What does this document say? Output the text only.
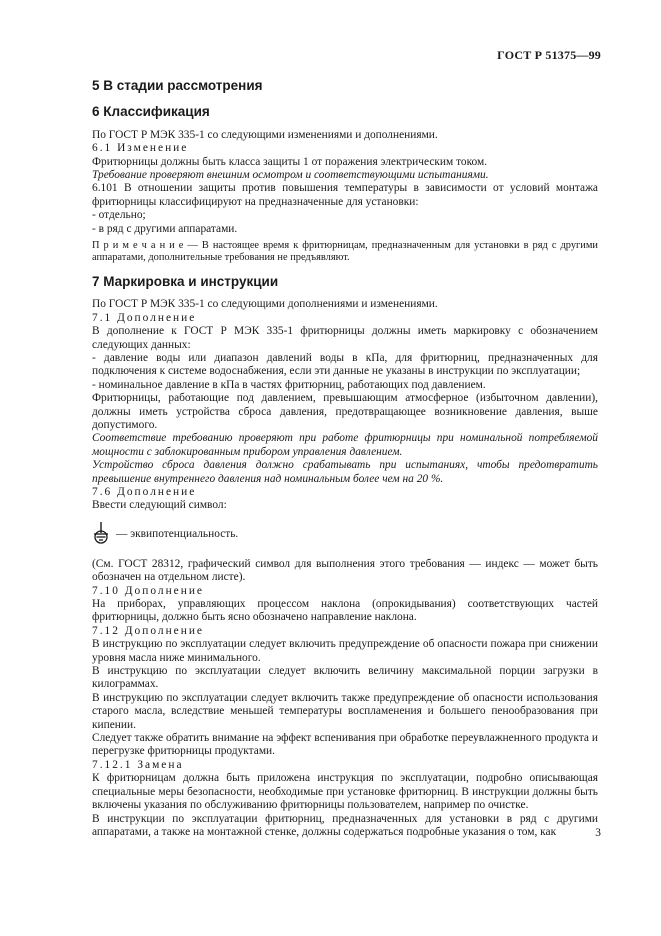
ГОСТ Р 51375—99
5 В стадии рассмотрения
6 Классификация

По ГОСТ Р МЭК 335-1 со следующими изменениями и дополнениями.

6.1 Изменение

Фритюрницы должны быть класса защиты 1 от поражения электрическим током.

Требование проверяют внешним осмотром и соответствующими испытаниями.

6.101 В отношении защиты против повышения температуры в зависимости от условий монтажа фритюрницы классифицируют на предназначенные для установки:

- отдельно;

- в ряд с другими аппаратами.

П р и м е ч а н и е — В настоящее время к фритюрницам, предназначенным для установки в ряд с другими аппаратами, дополнительные требования не предъявляют.

7 Маркировка и инструкции

По ГОСТ Р МЭК 335-1 со следующими дополнениями и изменениями.

7.1 Дополнение

В дополнение к ГОСТ Р МЭК 335-1 фритюрницы должны иметь маркировку с обозначением следующих данных:

- давление воды или диапазон давлений воды в кПа, для фритюрниц, предназначенных для подключения к системе водоснабжения, если эти данные не указаны в инструкции по эксплуатации;

- номинальное давление в кПа в частях фритюрниц, работающих под давлением.

Фритюрницы, работающие под давлением, превышающим атмосферное (избыточном давлении), должны иметь устройства сброса давления, предотвращающее возникновение давления, выше допустимого.

Соответствие требованию проверяют при работе фритюрницы при номинальной потребляемой мощности с заблокированным прибором управления давлением.

Устройство сброса давления должно срабатывать при испытаниях, чтобы предотвратить превышение внутреннего давления над номинальным более чем на 20 %.

7.6 Дополнение

Ввести следующий символ:

— эквипотенциальность.

(См. ГОСТ 28312, графический символ для выполнения этого требования — индекс — может быть обозначен на отдельном листе).

7.10 Дополнение

На приборах, управляющих процессом наклона (опрокидывания) соответствующих частей фритюрницы, должно быть ясно обозначено направление наклона.

7.12 Дополнение

В инструкцию по эксплуатации следует включить предупреждение об опасности пожара при снижении уровня масла ниже минимального.

В инструкцию по эксплуатации следует включить величину максимальной порции загрузки в килограммах.

В инструкцию по эксплуатации следует включить также предупреждение об опасности использования старого масла, вследствие меньшей температуры воспламенения и большего пенообразования при кипении.

Следует также обратить внимание на эффект вспенивания при обработке переувлажненного продукта и перегрузке фритюрницы продуктами.

7.12.1 Замена

К фритюрницам должна быть приложена инструкция по эксплуатации, подробно описывающая специальные меры безопасности, необходимые при установке фритюрниц. В инструкции должны быть включены указания по обслуживанию фритюрницы пользователем, например по очистке.

В инструкции по эксплуатации фритюрниц, предназначенных для установки в ряд с другими аппаратами, а также на монтажной стенке, должны содержаться подробные указания о том, как	3
